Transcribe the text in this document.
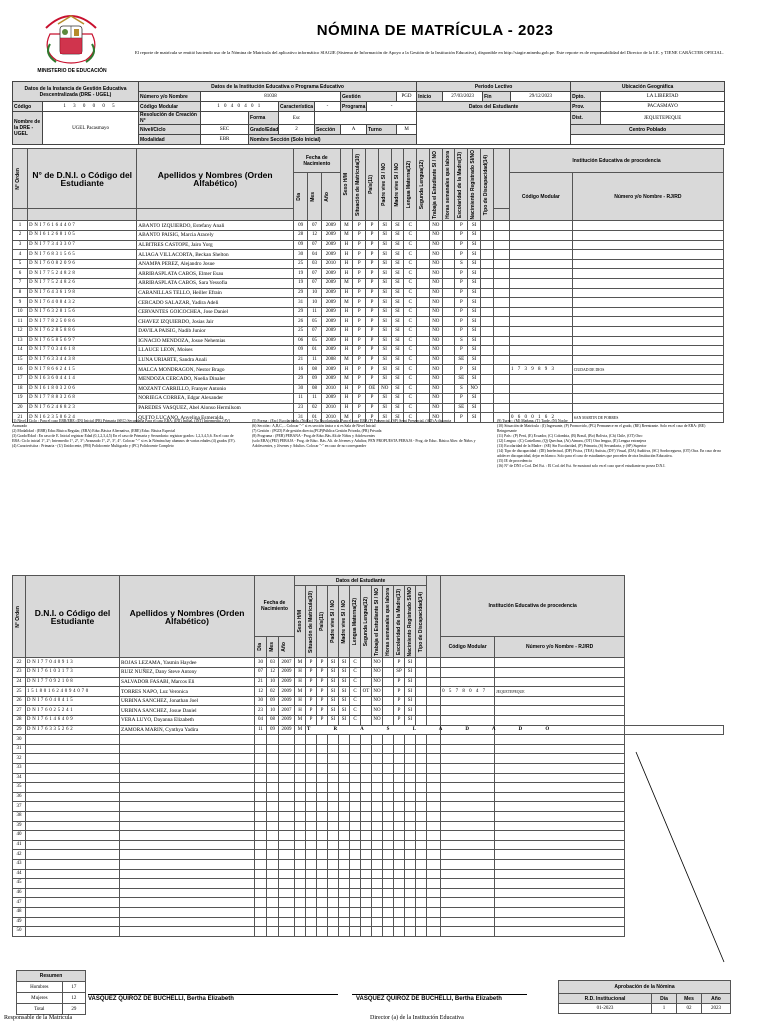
MINISTERIO DE EDUCACIÓN
NÓMINA DE MATRÍCULA - 2023
El reporte de matrícula se emitió haciendo uso de la Nómina de Matrícula del aplicativo informático SIAGIE (Sistema de Información de Apoyo a la Gestión de la Institución Educativa), disponible en http://siagie.minedu.gob.pe. Este reporte es de responsabilidad del Director de la I.E. y TIENE CARÁCTER OFICIAL.
Datos de la Instancia de Gestión Educativa Descentralizada (DRE - UGEL)		Datos de la Institución Educativa o Programa Educativo								Periodo Lectivo				Ubicación Geográfica	
		Número y/o Nombre	81038				Gestión		PGD	Inicio	27/03/2023	Fin	29/12/2023	Dpto.	LA LIBERTAD
Código	1 3 0 0 0 5	Código Modular	1 0 4 0 4 0 1		Característica	-	Programa	-		Datos del Estudiante				Prov.	PACASMAYO
Nombre de la DRE - UGEL	UGEL Pacasmayo	Resolución de Creación N°		Forma	Esc									Dist.	JEQUETEPEQUE
		Nivel/Ciclo	SEC	Grado/Edad	2	Sección	A	Turno	M					Centro Poblado	
		Modalidad	EBR	Nombre Sección (Solo Inicial)											
N° Orden	N° de D.N.I. o Código del Estudiante	Apellidos y Nombres (Orden Alfabético)	Fecha de Nacimiento			Sexo H/M	Situación de Matrícula(10)	País(11)	Padre vive SI / NO	Madre vive SI / NO	Lengua Materna(12)	Segunda Lengua(12)	Trabaja el Estudiante SI / NO	Horas semanales que labora	Escolaridad de la Madre(13)	Nacimiento Registrado SI/NO	Tipo de Discapacidad(14)		Institución Educativa de procedencia	

			Día	Mes	Año														Código Modular	Número y/o Nombre - RJ/RD

1	D N I 7 6 1 6 4 4 0 7	ABANTO IZQUIERDO, Estefany Anali	09	07	2009	M	P	P	SI	SI	C		NO		P	SI				
2	D N I 6 1 2 6 8 1 0 5	ABANTO PAISIG, Marcia Aracely	28	12	2009	M	P	P	SI	SI	C		NO		P	SI				
3	D N I 7 7 3 4 3 3 0 7	ALBITRES CASTOPE, Jairo Yorg	09	07	2009	H	P	P	SI	SI	C		NO		P	SI				
4	D N I 7 6 8 3 1 5 6 5	ALIAGA VILLACORTA, Beckan Shelton	30	04	2009	H	P	P	SI	SI	C		NO		P	SI				
5	D N I 7 6 0 8 2 0 9 6	ANAMPA PEREZ, Alejandro Josue	25	03	2010	H	P	P	SI	SI	C		NO		S	SI				
6	D N I 7 7 5 2 4 8 2 8	ARRIBASPLATA CABOS, Elmer Esau	19	07	2009	H	P	P	SI	SI	C		NO		P	SI				
7	D N I 7 7 5 2 4 8 2 6	ARRIBASPLATA CABOS, Sara Yessofia	19	07	2009	M	P	P	SI	SI	C		NO		P	SI				
8	D N I 7 6 4 3 6 1 9 8	CABANILLAS TELLO, Heiller Efrain	29	10	2009	H	P	P	SI	SI	C		NO		P	SI				
9	D N I 7 6 4 0 8 4 3 2	CERCADO SALAZAR, Yadira Adeli	31	10	2009	M	P	P	SI	SI	C		NO		P	SI				
10	D N I 7 6 3 2 8 1 5 6	CERVANTES GOICOCHEA, Jose Daniel	29	11	2009	H	P	P	SI	SI	C		NO		P	SI				
11	D N I 7 7 8 2 5 0 8 6	CHAVEZ IZQUIERDO, Josias Jair	26	05	2009	H	P	P	SI	SI	C		NO		P	SI				
12	D N I 7 6 2 8 5 8 8 6	DAVILA PAISIG, Nadib Junior	25	07	2009	H	P	P	SI	SI	C		NO		P	SI				
13	D N I 7 6 5 8 5 6 9 7	IGNACIO MENDOZA, Josue Nehemias	06	05	2009	H	P	P	SI	SI	C		NO		S	SI				
14	D N I 7 7 0 3 4 6 1 8	LLAUCE LEON, Moises	09	01	2009	H	P	P	SI	SI	C		NO		P	SI				
15	D N I 7 6 3 3 4 4 3 8	LUNA URIARTE, Sandra Anali	21	11	2008	M	P	P	SI	SI	C		NO		SE	SI				
16	D N I 7 8 6 6 2 4 1 5	MALCA MONDRAGON, Nestor Brago	16	08	2009	H	P	P	SI	SI	C		NO		P	SI			1 7 3 9 8 9 3	CIUDAD DE DIOS
17	D N I 6 3 6 0 4 4 1 4	MENDOZA CERCADO, Noelia Dinaler	29	09	2009	M	P	P	SI	SI	C		NO		SE	SI				
18	D N I 6 1 8 0 3 2 0 6	MOZANT CARRILLO, Franyer Antonio	30	08	2010	H	P	OE	NO	SI	C		NO		S	NO				
19	D N I 7 7 8 8 3 2 6 8	NORIEGA CORREA, Edgar Alexander	11	11	2009	H	P	P	SI	SI	C		NO		P	SI				
20	D N I 7 6 2 4 6 8 2 3	PAREDES VASQUEZ, Abel Alonso Hermilsom	23	02	2010	H	P	P	SI	SI	C		NO		SE	SI				
21	D N I 6 2 3 5 0 6 2 4	QUITO LUCANO, Anyelina Esmeralda	31	01	2010	M	P	P	SI	SI	C		NO		P	SI			0 6 0 0 1 6 2	SAN MARTIN DE PORRES
(1) Nivel / Ciclo : Para el caso EBR/EBE: (IN) Inicial (PR) Primaria (SEC) Secundaria Para el caso EBA: (INI) Inicial, (INT) Intermedio, (AV) Avanzado
(2) Modalidad : (EBR) Educ.Básica Regular, (EBA) Educ.Básica Alternativa, (EBE) Educ. Básica Especial
(3) Grado/Edad : En caso de E. Inicial registrar Edad (0,1,2,3,4,5) En el caso de Primaria y Secundaria: registrar grados: 1,2,3,4,5,6. En el caso de EBA: Ciclo inicial 1°, 2°; Intermedio 1°, 2°, 3°; Avanzado 1°, 2°, 3°, 4°. Colocar "-" si es la Nómina hay alumnos de varias edades (4) grados (IV).
(4) Característica : Primaria - (U) Unidocente, (PM) Polidocente Multigrado y (PC) Polidocente Completo
(5) Forma : (Esc) Escolarizada, (NoEsc) No Escolarizada. Para el caso EBA (P) Presencial, (SP) Semi Presencial, (AD) A distancia
(6) Sección : A,B,C,... Colocar "-" si es sección única o si es Sala de Nivel Inicial
(7) Gestión : (PGD) P.de gestión directa,(PGP)Pública Gestión Privada, (PR) Privada
(8) Programa : (PEB) PEBANA - Prog.de Educ.Bás.Alt.de Niños y Adolescentes
(solo EBA) (PEJ) PEBAJA - Prog. de Educ. Bás. Alt. de Jóvenes y Adultos; PEN PROPUESTA PEBAJA - Prog. de Educ. Básica Alter. de Niños y Adolescentes, y Jóvenes y Adultos. Colocar "-" en caso de no corresponder
(9) Turno : (M) Mañana, (T) Tarde, (N) Noche
(10) Situación de Matrícula : (I) Ingresante, (P) Promovido, (PG) Permanece en el grado, (RE) Reentrante. Solo en el caso de EBA: (RE) Reingresante
(11) País : (P) Perú, (E) Ecuador, (C) Colombia, (B) Brasil, (Bo) Bolivia, (Ch) Chile, (OT) Otro
(12) Lengua : (C) Castellano, (Q) Quechua, (Ai) Aimara, (OT) Otra lengua, (E) Lengua extranjera
(13) Escolaridad de la Madre : (SE) Sin Escolaridad, (P) Primaria, (S) Secundaria, y (SP) Superior
(14) Tipo de discapacidad : (DI) Intelectual, (DF) Física, (TEA) Autista, (DV) Visual, (DA) Auditiva, (SC) Sordoceguera, (OT) Otra. En caso de no adolecer discapacidad, dejar en blanco. Solo para el caso de estudiantes que proceden de otra Institución Educativa.
(15) IE de procedencia
(16) N° de DNI o Cod. Del Est. : El Cod. del Est. Se mostrará solo en el caso que el estudiante no posea D.N.I.
N° Orden	D.N.I. o Código del Estudiante	Apellidos y Nombres (Orden Alfabético)	Fecha de Nacimiento			Datos del Estudiante													Institución Educativa de procedencia		

						Sexo H/M	Situación de Matrícula(10)	País(11)	Padre vive SI / NO	Madre vive SI / NO	Lengua Materna(12)	Segunda Lengua(12)	Trabaja el Estudiante SI / NO	Horas semanales que labora	Escolaridad de la Madre(13)	Nacimiento Registrado SI/NO	Tipo de Discapacidad(14)				

			Día	Mes	Año														Código Modular	Número y/o Nombre - RJ/RD	
22	D N I 7 7 0 4 0 9 1 3	ROJAS LEZAMA, Yasmin Haydee	30	03	2007	M	P	P	SI	SI	C		NO		P	SI					
23	D N I 7 6 1 0 3 1 7 3	RUIZ NUÑEZ, Dany Steve Antony	07	12	2009	H	P	P	SI	SI	C		NO		SP	SI					
24	D N I 7 7 0 9 2 1 0 8	SALVADOR FASABI, Marcos Eli	21	10	2009	H	P	P	SI	SI	C		NO		P	SI					
25	1 5 1 8 0 1 6 2 4 0 9 4 0 7 0	TORRES NAPO, Luz Veronica	12	02	2009	M	P	P	SI	SI	C	OT	NO		P	SI			0 5 7 8 0 4 7	JEQUETEPEQUE	
26	D N I 7 6 0 4 0 4 1 5	URBINA SANCHEZ, Jonathan Joel	30	09	2009	H	P	P	SI	SI	C		NO		P	SI					
27	D N I 7 6 0 2 5 2 4 1	URBINA SANCHEZ, Josue Daniel	23	10	2007	H	P	P	SI	SI	C		NO		P	SI					
28	D N I 7 6 1 4 6 4 0 9	VERA LUYO, Dayanna Elizabeth	04	08	2009	M	P	P	SI	SI	C		NO		P	SI					
29	D N I 7 6 3 3 5 2 6 2	ZAMORA MARIN, Cynthya Yadira	11	09	2009	M	T R A S L A D A D O														
30																					
31																					
32																					
33																					
34																					
35																					
36																					
37																					
38																					
39																					
40																					
41																					
42																					
43																					
44																					
45																					
46																					
47																					
48																					
49																					
50																					
Resumen	
Hombres	17
Mujeres	12
Total	29
VASQUEZ QUIROZ DE BUCHELLI, Bertha Elizabeth
Responsable de la Matrícula
VASQUEZ QUIROZ DE BUCHELLI, Bertha Elizabeth
Director (a) de la Institución Educativa
Aprobación de la Nómina			
R.D. Institucional	Día	Mes	Año
01-2023	1	02	2023
